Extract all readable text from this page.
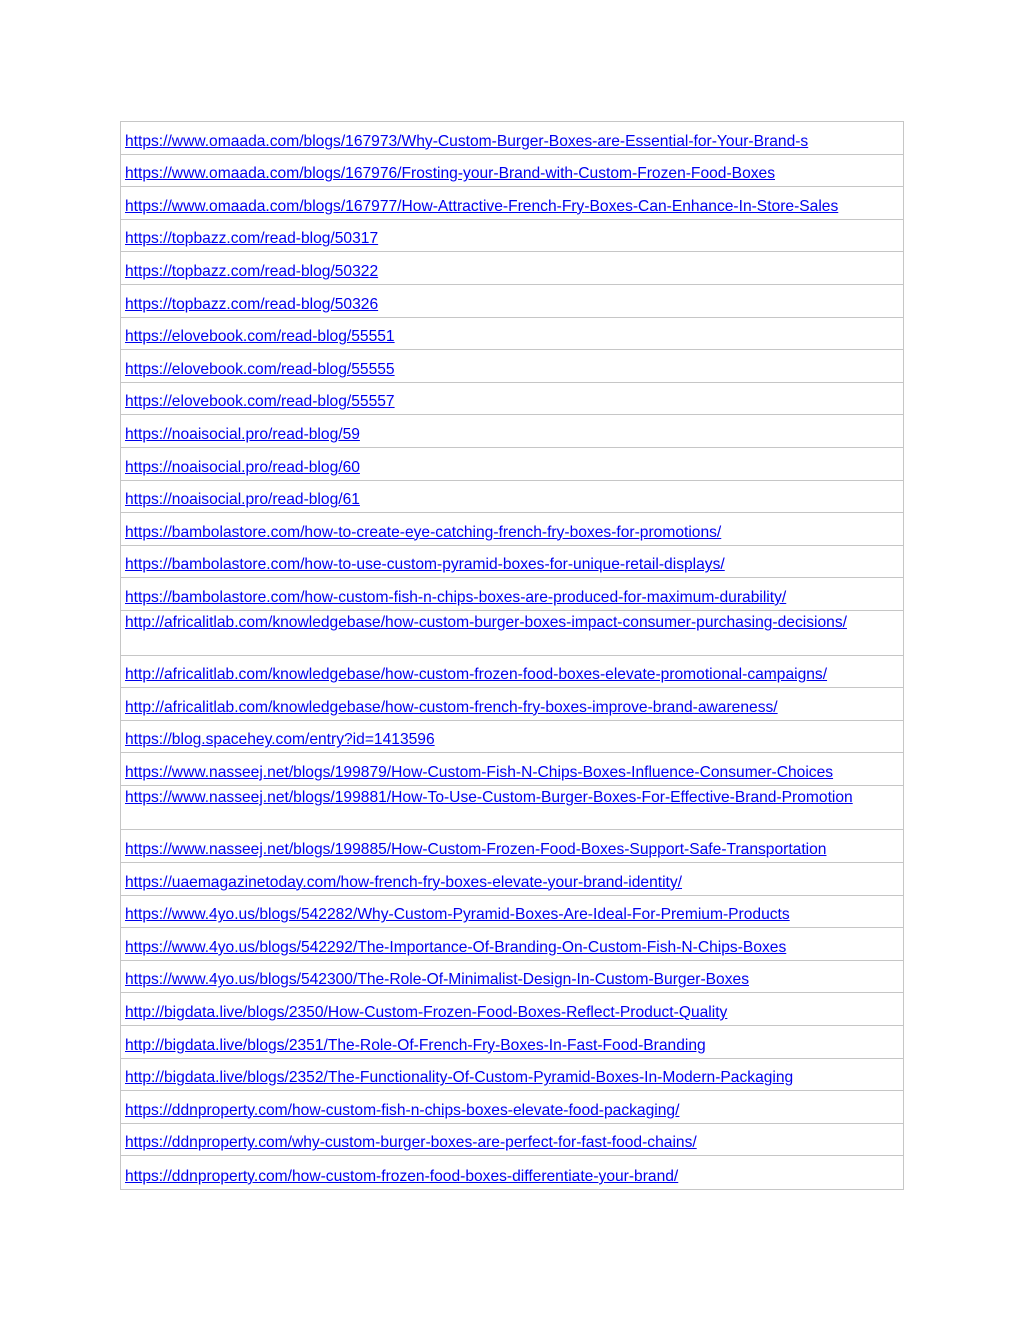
https://www.omaada.com/blogs/167973/Why-Custom-Burger-Boxes-are-Essential-for-Your-Brand-s
https://www.omaada.com/blogs/167976/Frosting-your-Brand-with-Custom-Frozen-Food-Boxes
https://www.omaada.com/blogs/167977/How-Attractive-French-Fry-Boxes-Can-Enhance-In-Store-Sales
https://topbazz.com/read-blog/50317
https://topbazz.com/read-blog/50322
https://topbazz.com/read-blog/50326
https://elovebook.com/read-blog/55551
https://elovebook.com/read-blog/55555
https://elovebook.com/read-blog/55557
https://noaisocial.pro/read-blog/59
https://noaisocial.pro/read-blog/60
https://noaisocial.pro/read-blog/61
https://bambolastore.com/how-to-create-eye-catching-french-fry-boxes-for-promotions/
https://bambolastore.com/how-to-use-custom-pyramid-boxes-for-unique-retail-displays/
https://bambolastore.com/how-custom-fish-n-chips-boxes-are-produced-for-maximum-durability/
http://africalitlab.com/knowledgebase/how-custom-burger-boxes-impact-consumer-purchasing-decisions/
http://africalitlab.com/knowledgebase/how-custom-frozen-food-boxes-elevate-promotional-campaigns/
http://africalitlab.com/knowledgebase/how-custom-french-fry-boxes-improve-brand-awareness/
https://blog.spacehey.com/entry?id=1413596
https://www.nasseej.net/blogs/199879/How-Custom-Fish-N-Chips-Boxes-Influence-Consumer-Choices
https://www.nasseej.net/blogs/199881/How-To-Use-Custom-Burger-Boxes-For-Effective-Brand-Promotion
https://www.nasseej.net/blogs/199885/How-Custom-Frozen-Food-Boxes-Support-Safe-Transportation
https://uaemagazinetoday.com/how-french-fry-boxes-elevate-your-brand-identity/
https://www.4yo.us/blogs/542282/Why-Custom-Pyramid-Boxes-Are-Ideal-For-Premium-Products
https://www.4yo.us/blogs/542292/The-Importance-Of-Branding-On-Custom-Fish-N-Chips-Boxes
https://www.4yo.us/blogs/542300/The-Role-Of-Minimalist-Design-In-Custom-Burger-Boxes
http://bigdata.live/blogs/2350/How-Custom-Frozen-Food-Boxes-Reflect-Product-Quality
http://bigdata.live/blogs/2351/The-Role-Of-French-Fry-Boxes-In-Fast-Food-Branding
http://bigdata.live/blogs/2352/The-Functionality-Of-Custom-Pyramid-Boxes-In-Modern-Packaging
https://ddnproperty.com/how-custom-fish-n-chips-boxes-elevate-food-packaging/
https://ddnproperty.com/why-custom-burger-boxes-are-perfect-for-fast-food-chains/
https://ddnproperty.com/how-custom-frozen-food-boxes-differentiate-your-brand/
